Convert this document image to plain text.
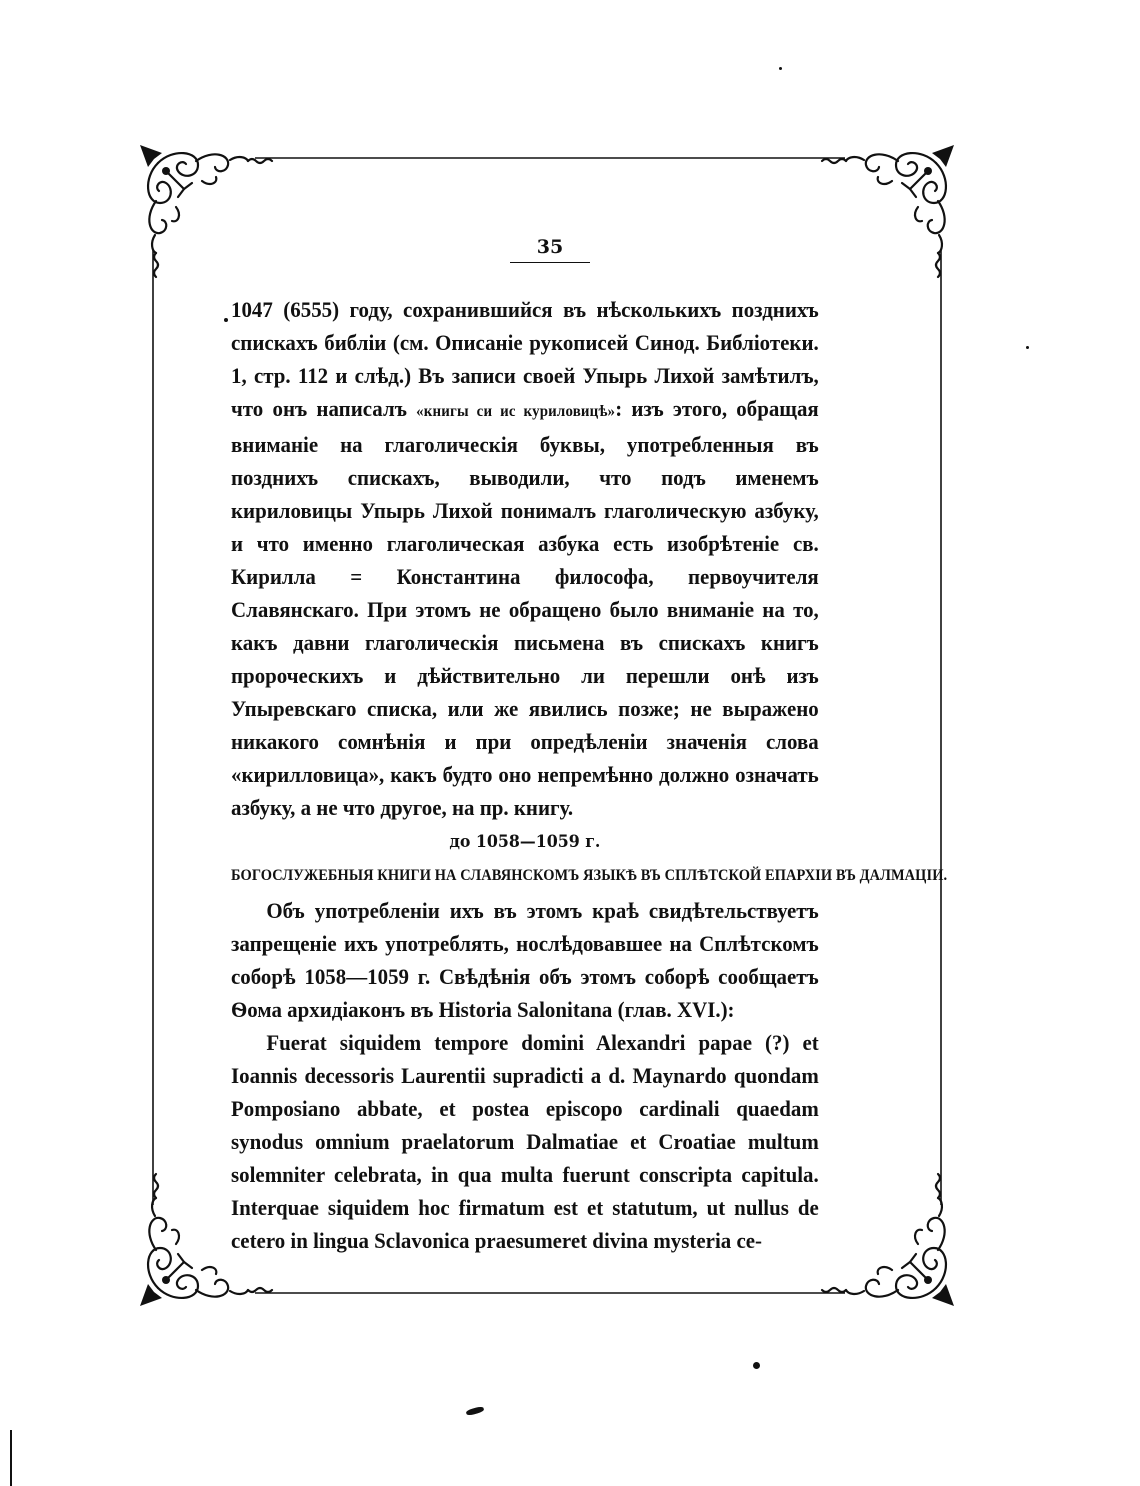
35

1047 (6555) году, сохранившийся въ нѣсколькихъ позднихъ спискахъ библіи (см. Описаніе рукописей Синод. Библіотеки. 1, стр. 112 и слѣд.) Въ записи своей Упырь Лихой замѣтилъ, что онъ написалъ «книгы си ис куриловицѣ»: изъ этого, обращая вниманіе на глаголическія буквы, употребленныя въ позднихъ спискахъ, выводили, что подъ именемъ кириловицы Упырь Лихой понималъ глаголическую азбуку, и что именно глаголическая азбука есть изобрѣтеніе св. Кирилла = Константина философа, первоучителя Славянскаго. При этомъ не обращено было вниманіе на то, какъ давни глаголическія письмена въ спискахъ книгъ пророческихъ и дѣйствительно ли перешли онѣ изъ Упыревскаго списка, или же явились позже; не выражено никакого сомнѣнія и при опредѣленіи значенія слова «кирилловица», какъ будто оно непремѣнно должно означать азбуку, а не что другое, на пр. книгу.

до 1058—1059 г.
БОГОСЛУЖЕБНЫЯ КНИГИ НА СЛАВЯНСКОМЪ ЯЗЫКѢ ВЪ СПЛѢТСКОЙ ЕПАРХІИ ВЪ ДАЛМАЦІИ.

Объ употребленіи ихъ въ этомъ краѣ свидѣтельствуетъ запрещеніе ихъ употреблять, нослѣдовавшее на Сплѣтскомъ соборѣ 1058—1059 г. Свѣдѣнія объ этомъ соборѣ сообщаетъ Ѳома архидіаконъ въ Historia Salonitana (глав. XVI.):

Fuerat siquidem tempore domini Alexandri papae (?) et Ioannis decessoris Laurentii supradicti a d. Maynardo quondam Pomposiano abbate, et postea episcopo cardinali quaedam synodus omnium praelatorum Dalmatiae et Croatiae multum solemniter celebrata, in qua multa fuerunt conscripta capitula. Interquae siquidem hoc firmatum est et statutum, ut nullus de cetero in lingua Sclavonica praesumeret divina mysteria ce-
